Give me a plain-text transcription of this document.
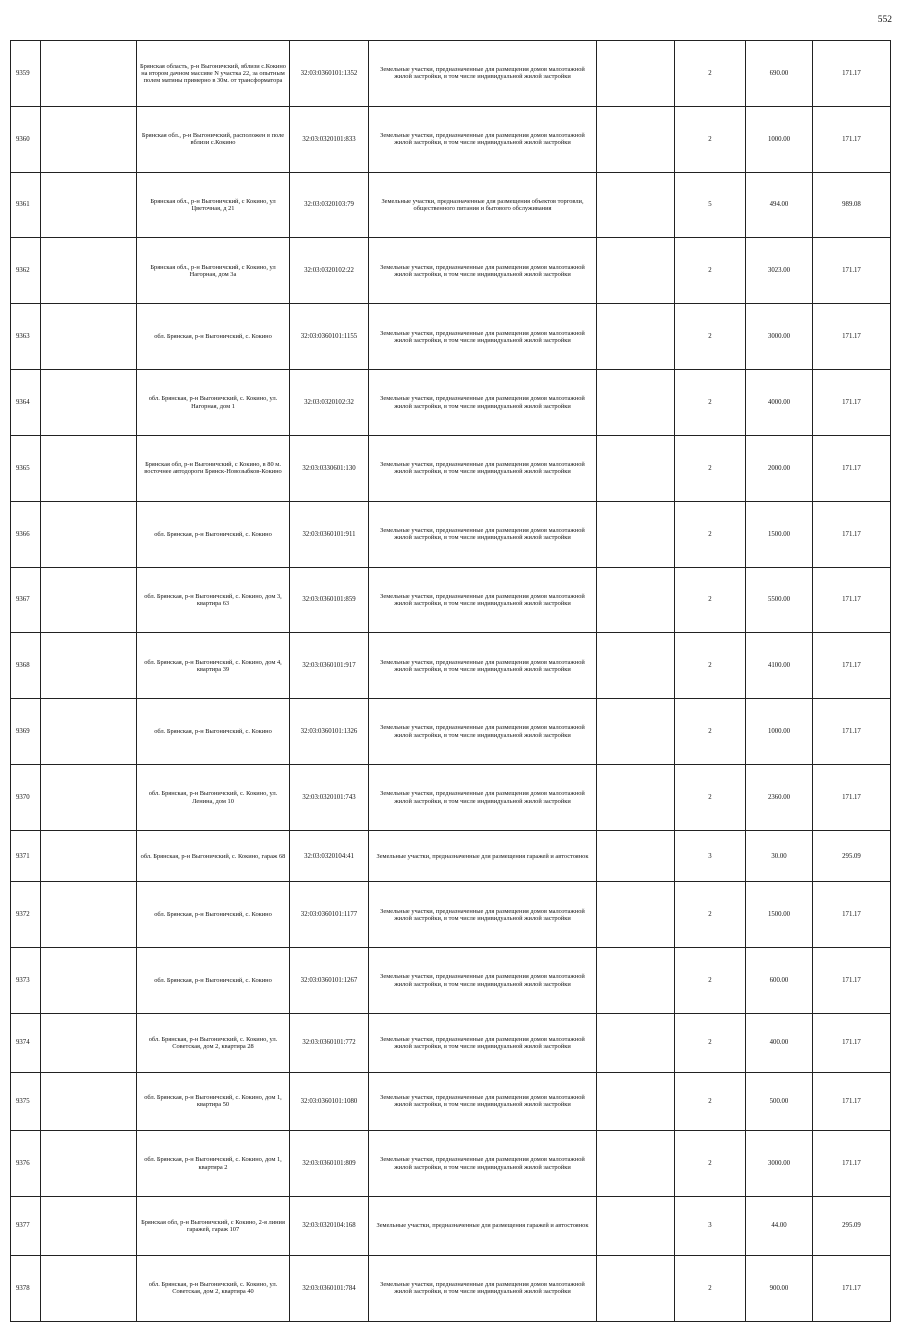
552
9359		Брянская область, р-н Выгоничский, вблизи с.Кокино на втором дачном массиве N участка 22, за опытным полем матины примерно в 30м. от трансформатора	32:03:0360101:1352	Земельные участки, предназначенные для размещения домов малоэтажной жилой застройки, в том числе индивидуальной жилой застройки		2	690.00	171.17	
9360		Брянская обл., р-н Выгоничский, расположен в поле вблизи с.Кокино	32:03:0320101:833	Земельные участки, предназначенные для размещения домов малоэтажной жилой застройки, в том числе индивидуальной жилой застройки		2	1000.00	171.17	
9361		Брянская обл., р-н Выгоничский, с Кокино, ул Цветочная, д 21	32:03:0320103:79	Земельные участки, предназначенные для размещения объектов торговли, общественного питания и бытового обслуживания		5	494.00	989.08	
9362		Брянская обл., р-н Выгоничский, с Кокино, ул Нагорная, дом 3а	32:03:0320102:22	Земельные участки, предназначенные для размещения домов малоэтажной жилой застройки, в том числе индивидуальной жилой застройки		2	3023.00	171.17	
9363		обл. Брянская, р-н Выгоничский, с. Кокино	32:03:0360101:1155	Земельные участки, предназначенные для размещения домов малоэтажной жилой застройки, в том числе индивидуальной жилой застройки		2	3000.00	171.17	
9364		обл. Брянская, р-н Выгоничский, с. Кокино, ул. Нагорная, дом 1	32:03:0320102:32	Земельные участки, предназначенные для размещения домов малоэтажной жилой застройки, в том числе индивидуальной жилой застройки		2	4000.00	171.17	
9365		Брянская обл, р-н Выгоничский, с Кокино, в 80 м. восточнее автодороги Брянск-Новозыбков-Кокино	32:03:0330601:130	Земельные участки, предназначенные для размещения домов малоэтажной жилой застройки, в том числе индивидуальной жилой застройки		2	2000.00	171.17	
9366		обл. Брянская, р-н Выгоничский, с. Кокино	32:03:0360101:911	Земельные участки, предназначенные для размещения домов малоэтажной жилой застройки, в том числе индивидуальной жилой застройки		2	1500.00	171.17	
9367		обл. Брянская, р-н Выгоничский, с. Кокино, дом 3, квартира 63	32:03:0360101:859	Земельные участки, предназначенные для размещения домов малоэтажной жилой застройки, в том числе индивидуальной жилой застройки		2	5500.00	171.17	
9368		обл. Брянская, р-н Выгоничский, с. Кокино, дом 4, квартира 39	32:03:0360101:917	Земельные участки, предназначенные для размещения домов малоэтажной жилой застройки, в том числе индивидуальной жилой застройки		2	4100.00	171.17	
9369		обл. Брянская, р-н Выгоничский, с. Кокино	32:03:0360101:1326	Земельные участки, предназначенные для размещения домов малоэтажной жилой застройки, в том числе индивидуальной жилой застройки		2	1000.00	171.17	
9370		обл. Брянская, р-н Выгоничский, с. Кокино, ул. Ленина, дом 10	32:03:0320101:743	Земельные участки, предназначенные для размещения домов малоэтажной жилой застройки, в том числе индивидуальной жилой застройки		2	2360.00	171.17	
9371		обл. Брянская, р-н Выгоничский, с. Кокино, гараж 68	32:03:0320104:41	Земельные участки, предназначенные для размещения гаражей и автостоянок		3	30.00	295.09	
9372		обл. Брянская, р-н Выгоничский, с. Кокино	32:03:0360101:1177	Земельные участки, предназначенные для размещения домов малоэтажной жилой застройки, в том числе индивидуальной жилой застройки		2	1500.00	171.17	
9373		обл. Брянская, р-н Выгоничский, с. Кокино	32:03:0360101:1267	Земельные участки, предназначенные для размещения домов малоэтажной жилой застройки, в том числе индивидуальной жилой застройки		2	600.00	171.17	
9374		обл. Брянская, р-н Выгоничский, с. Кокино, ул. Советская, дом 2, квартира 28	32:03:0360101:772	Земельные участки, предназначенные для размещения домов малоэтажной жилой застройки, в том числе индивидуальной жилой застройки		2	400.00	171.17	
9375		обл. Брянская, р-н Выгоничский, с. Кокино, дом 1, квартира 50	32:03:0360101:1080	Земельные участки, предназначенные для размещения домов малоэтажной жилой застройки, в том числе индивидуальной жилой застройки		2	500.00	171.17	
9376		обл. Брянская, р-н Выгоничский, с. Кокино, дом 1, квартира 2	32:03:0360101:809	Земельные участки, предназначенные для размещения домов малоэтажной жилой застройки, в том числе индивидуальной жилой застройки		2	3000.00	171.17	
9377		Брянская обл, р-н Выгоничский, с Кокино, 2-я линия гаражей, гараж 107	32:03:0320104:168	Земельные участки, предназначенные для размещения гаражей и автостоянок		3	44.00	295.09	
9378		обл. Брянская, р-н Выгоничский, с. Кокино, ул. Советская, дом 2, квартира 40	32:03:0360101:784	Земельные участки, предназначенные для размещения домов малоэтажной жилой застройки, в том числе индивидуальной жилой застройки		2	900.00	171.17	
